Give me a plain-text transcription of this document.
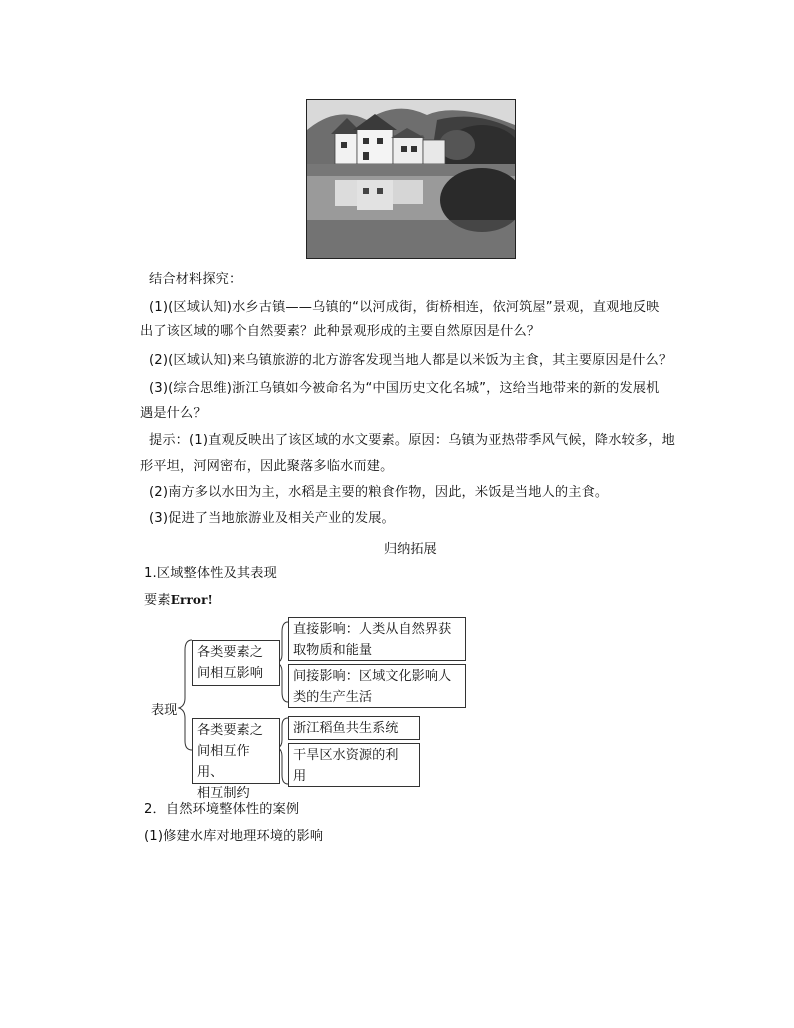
结合材料探究：
(1)(区域认知)水乡古镇——乌镇的“以河成街，街桥相连，依河筑屋”景观，直观地反映
出了该区域的哪个自然要素？此种景观形成的主要自然原因是什么？
(2)(区域认知)来乌镇旅游的北方游客发现当地人都是以米饭为主食，其主要原因是什么？
(3)(综合思维)浙江乌镇如今被命名为“中国历史文化名城”，这给当地带来的新的发展机
遇是什么？
提示：(1)直观反映出了该区域的水文要素。原因：乌镇为亚热带季风气候，降水较多，地
形平坦，河网密布，因此聚落多临水而建。
(2)南方多以水田为主，水稻是主要的粮食作物，因此，米饭是当地人的主食。
(3)促进了当地旅游业及相关产业的发展。
归纳拓展
1.区域整体性及其表现
要素Error!
表现
各类要素之
间相互影响
直接影响：人类从自然界获
取物质和能量
间接影响：区域文化影响人
类的生产生活
各类要素之
间相互作用、
相互制约
浙江稻鱼共生系统
干旱区水资源的利
用
2．自然环境整体性的案例
(1)修建水库对地理环境的影响
